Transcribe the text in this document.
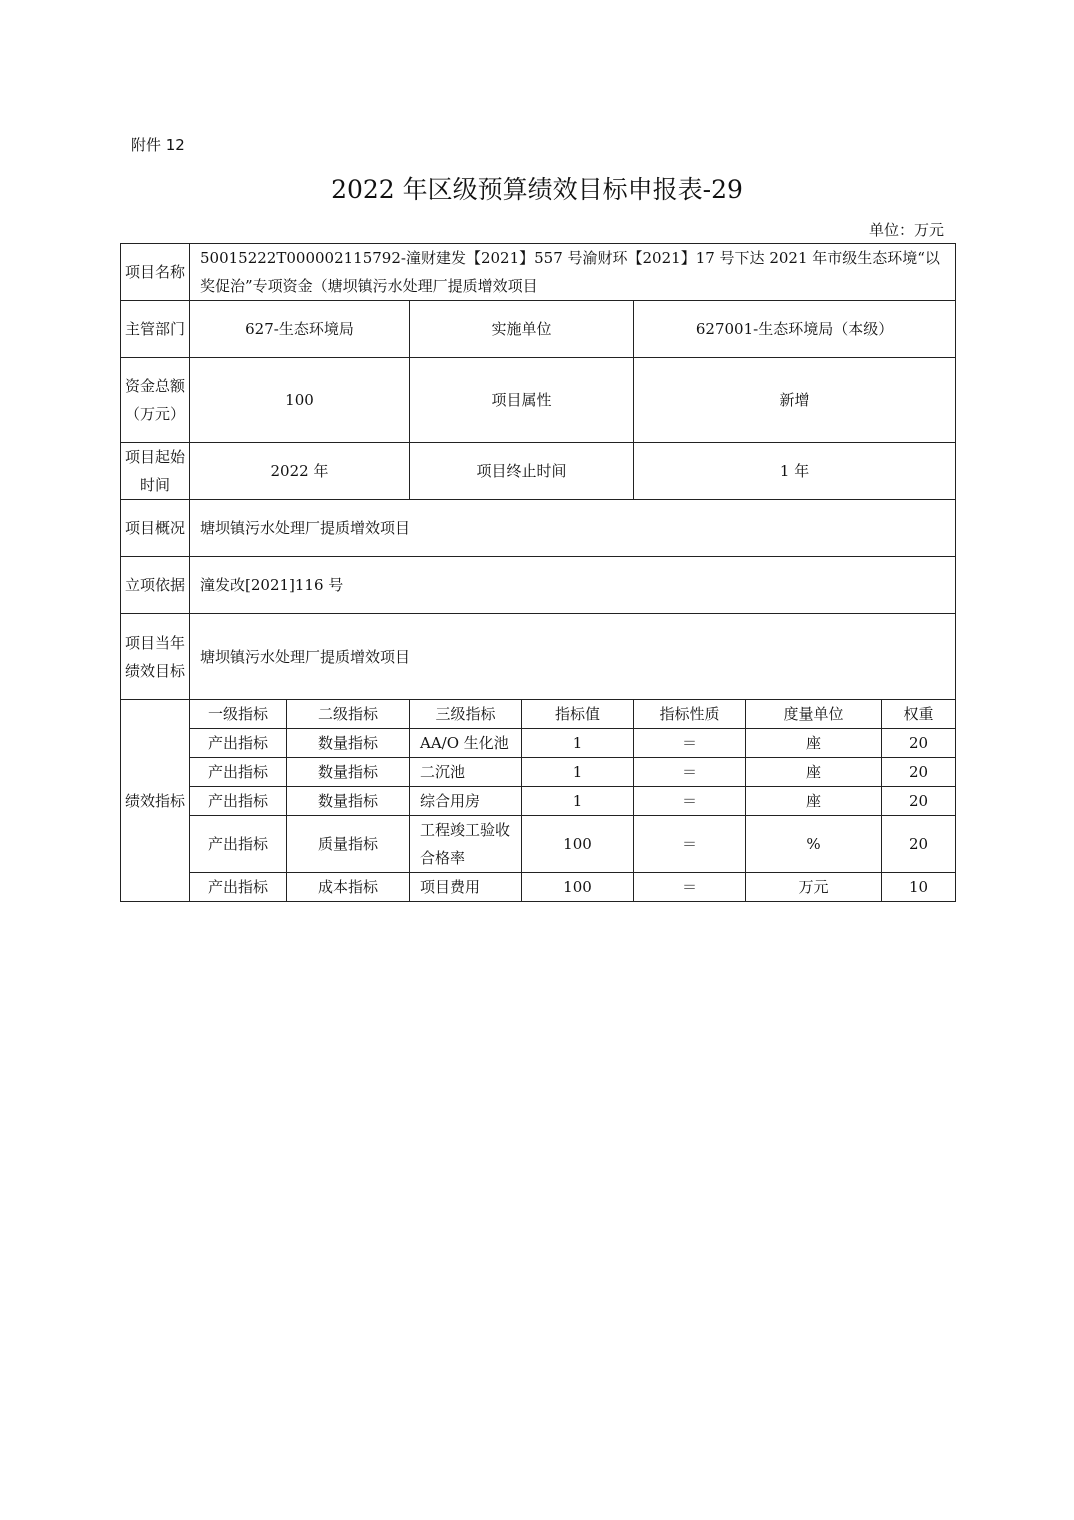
附件 12
2022 年区级预算绩效目标申报表-29
单位：万元
项目名称	50015222T000002115792-潼财建发【2021】557 号渝财环【2021】17 号下达 2021 年市级生态环境“以奖促治”专项资金（塘坝镇污水处理厂提质增效项目						
主管部门	627-生态环境局		实施单位		627001-生态环境局（本级）		
资金总额（万元）	100		项目属性		新增		
项目起始时间	2022 年		项目终止时间		1 年		
项目概况	塘坝镇污水处理厂提质增效项目						
立项依据	潼发改[2021]116 号						
项目当年绩效目标	塘坝镇污水处理厂提质增效项目						
绩效指标	一级指标	二级指标	三级指标	指标值	指标性质	度量单位	权重
	产出指标	数量指标	AA/O 生化池	1	＝	座	20
	产出指标	数量指标	二沉池	1	＝	座	20
	产出指标	数量指标	综合用房	1	＝	座	20
	产出指标	质量指标	工程竣工验收合格率	100	＝	%	20
	产出指标	成本指标	项目费用	100	＝	万元	10
